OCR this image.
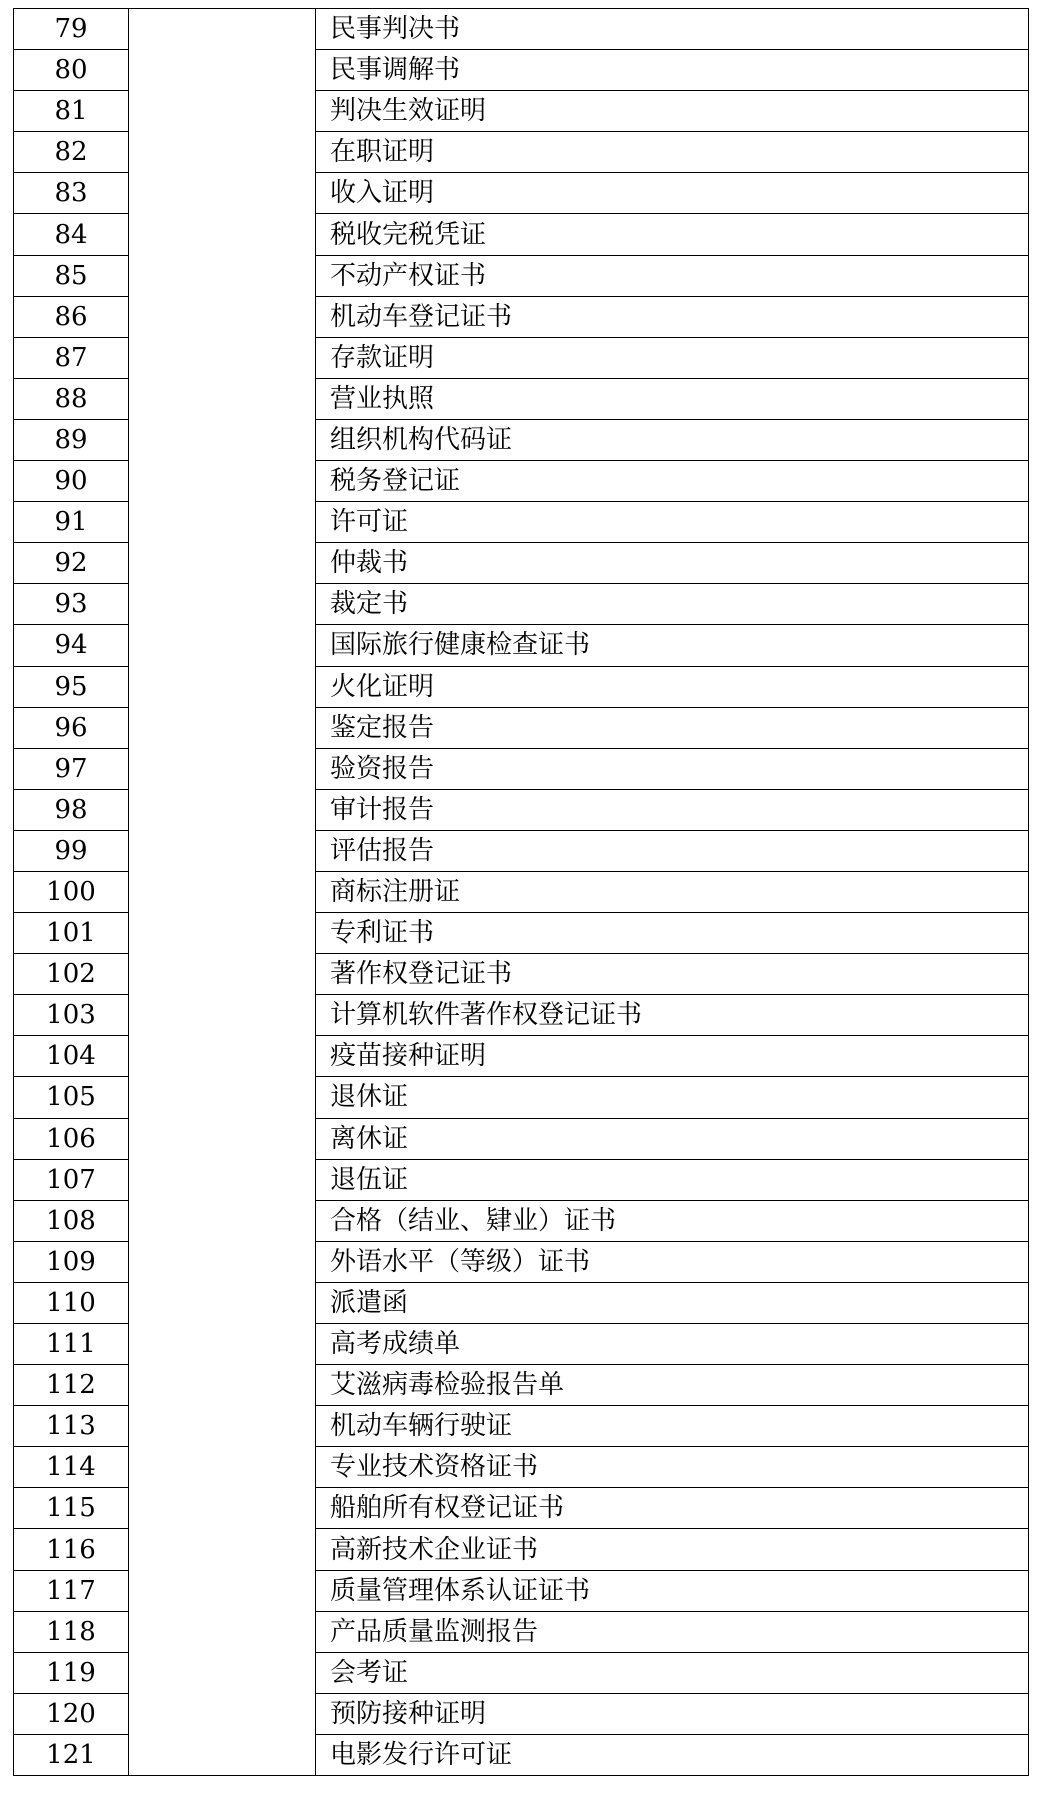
79		民事判决书
80		民事调解书
81		判决生效证明
82		在职证明
83		收入证明
84		税收完税凭证
85		不动产权证书
86		机动车登记证书
87		存款证明
88		营业执照
89		组织机构代码证
90		税务登记证
91		许可证
92		仲裁书
93		裁定书
94		国际旅行健康检查证书
95		火化证明
96		鉴定报告
97		验资报告
98		审计报告
99		评估报告
100		商标注册证
101		专利证书
102		著作权登记证书
103		计算机软件著作权登记证书
104		疫苗接种证明
105		退休证
106		离休证
107		退伍证
108		合格（结业、肄业）证书
109		外语水平（等级）证书
110		派遣函
111		高考成绩单
112		艾滋病毒检验报告单
113		机动车辆行驶证
114		专业技术资格证书
115		船舶所有权登记证书
116		高新技术企业证书
117		质量管理体系认证证书
118		产品质量监测报告
119		会考证
120		预防接种证明
121		电影发行许可证
